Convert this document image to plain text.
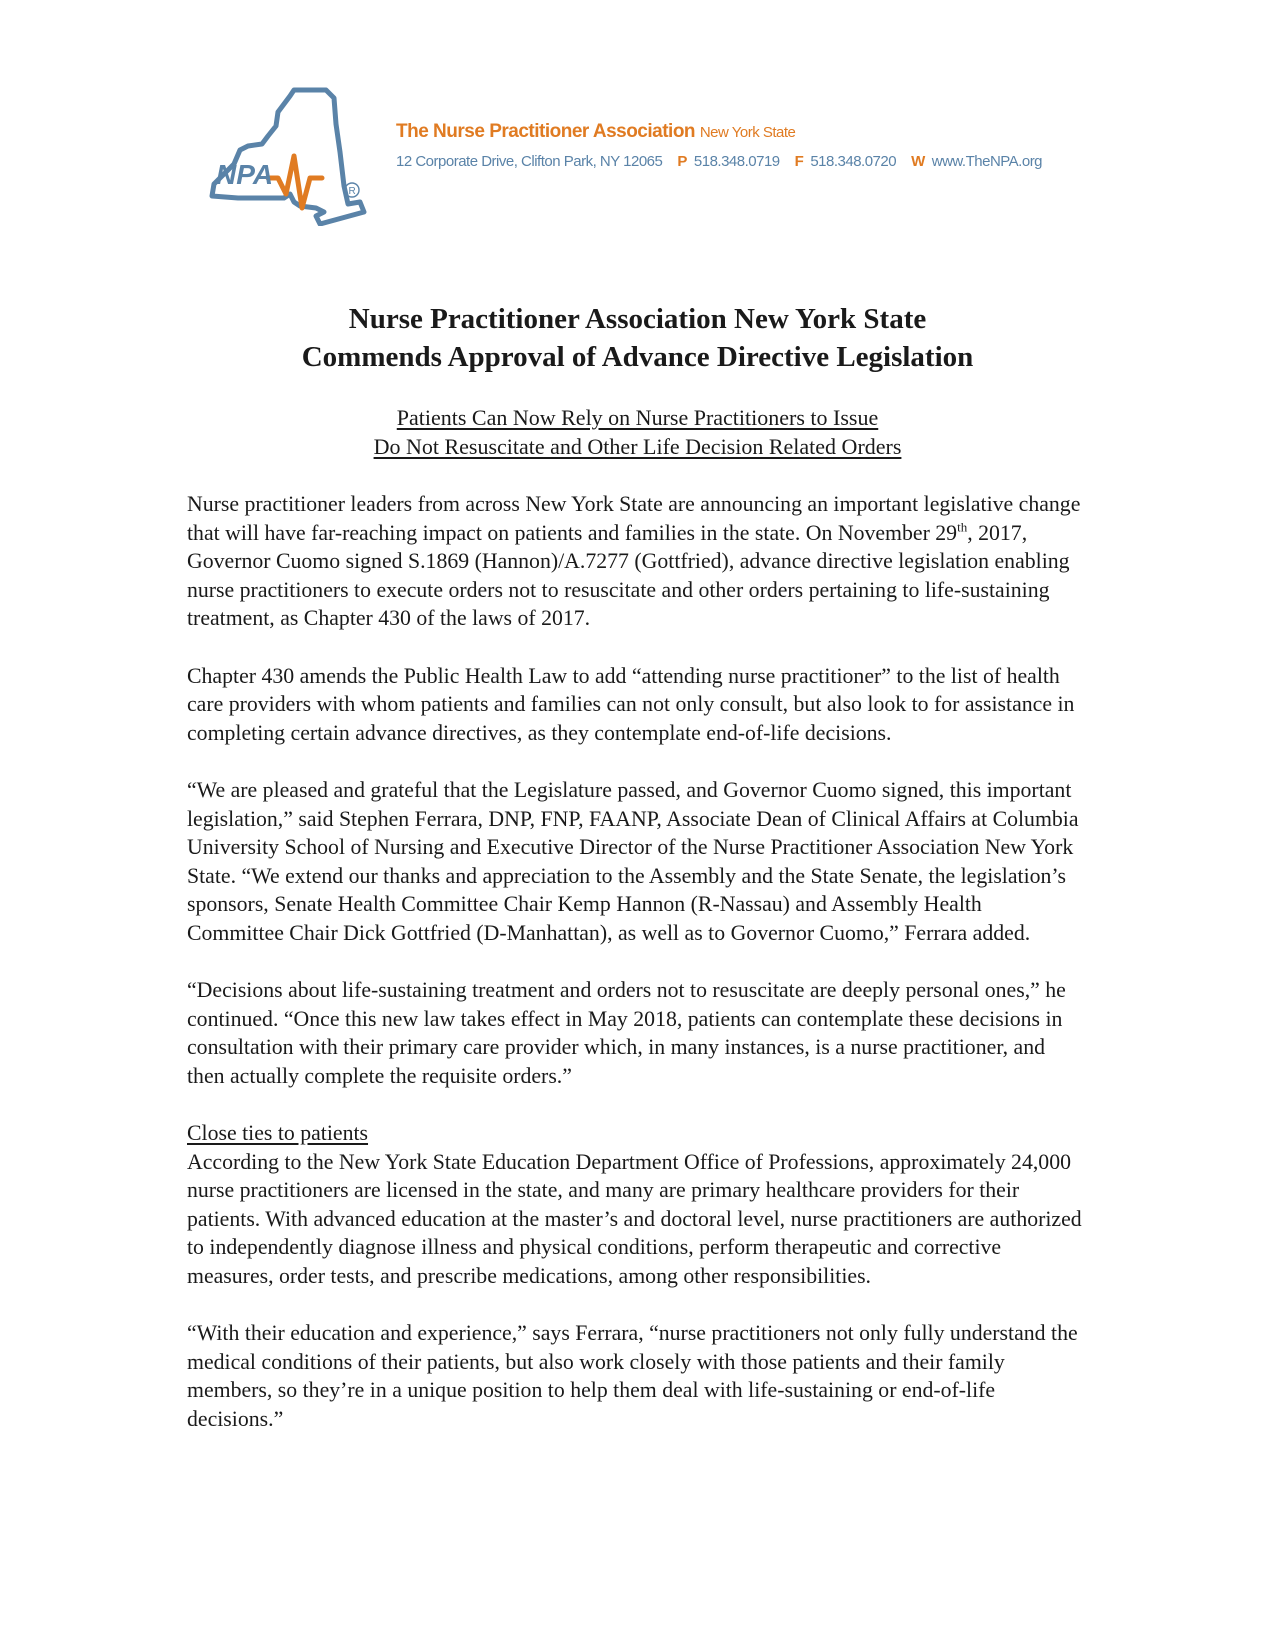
NPA
R
The Nurse Practitioner Association New York State
12 Corporate Drive, Clifton Park, NY 12065 P 518.348.0719 F 518.348.0720 W www.TheNPA.org
Nurse Practitioner Association New York State
Commends Approval of Advance Directive Legislation
Patients Can Now Rely on Nurse Practitioners to Issue
Do Not Resuscitate and Other Life Decision Related Orders

Nurse practitioner leaders from across New York State are announcing an important legislative change that will have far-reaching impact on patients and families in the state. On November 29th, 2017, Governor Cuomo signed S.1869 (Hannon)/A.7277 (Gottfried), advance directive legislation enabling nurse practitioners to execute orders not to resuscitate and other orders pertaining to life-sustaining treatment, as Chapter 430 of the laws of 2017.

Chapter 430 amends the Public Health Law to add “attending nurse practitioner” to the list of health care providers with whom patients and families can not only consult, but also look to for assistance in completing certain advance directives, as they contemplate end-of-life decisions.

“We are pleased and grateful that the Legislature passed, and Governor Cuomo signed, this important legislation,” said Stephen Ferrara, DNP, FNP, FAANP, Associate Dean of Clinical Affairs at Columbia University School of Nursing and Executive Director of the Nurse Practitioner Association New York State. “We extend our thanks and appreciation to the Assembly and the State Senate, the legislation’s sponsors, Senate Health Committee Chair Kemp Hannon (R-Nassau) and Assembly Health Committee Chair Dick Gottfried (D-Manhattan), as well as to Governor Cuomo,” Ferrara added.

“Decisions about life-sustaining treatment and orders not to resuscitate are deeply personal ones,” he continued. “Once this new law takes effect in May 2018, patients can contemplate these decisions in consultation with their primary care provider which, in many instances, is a nurse practitioner, and then actually complete the requisite orders.”

Close ties to patients

According to the New York State Education Department Office of Professions, approximately 24,000 nurse practitioners are licensed in the state, and many are primary healthcare providers for their patients. With advanced education at the master’s and doctoral level, nurse practitioners are authorized to independently diagnose illness and physical conditions, perform therapeutic and corrective measures, order tests, and prescribe medications, among other responsibilities.

“With their education and experience,” says Ferrara, “nurse practitioners not only fully understand the medical conditions of their patients, but also work closely with those patients and their family members, so they’re in a unique position to help them deal with life-sustaining or end-of-life decisions.”
